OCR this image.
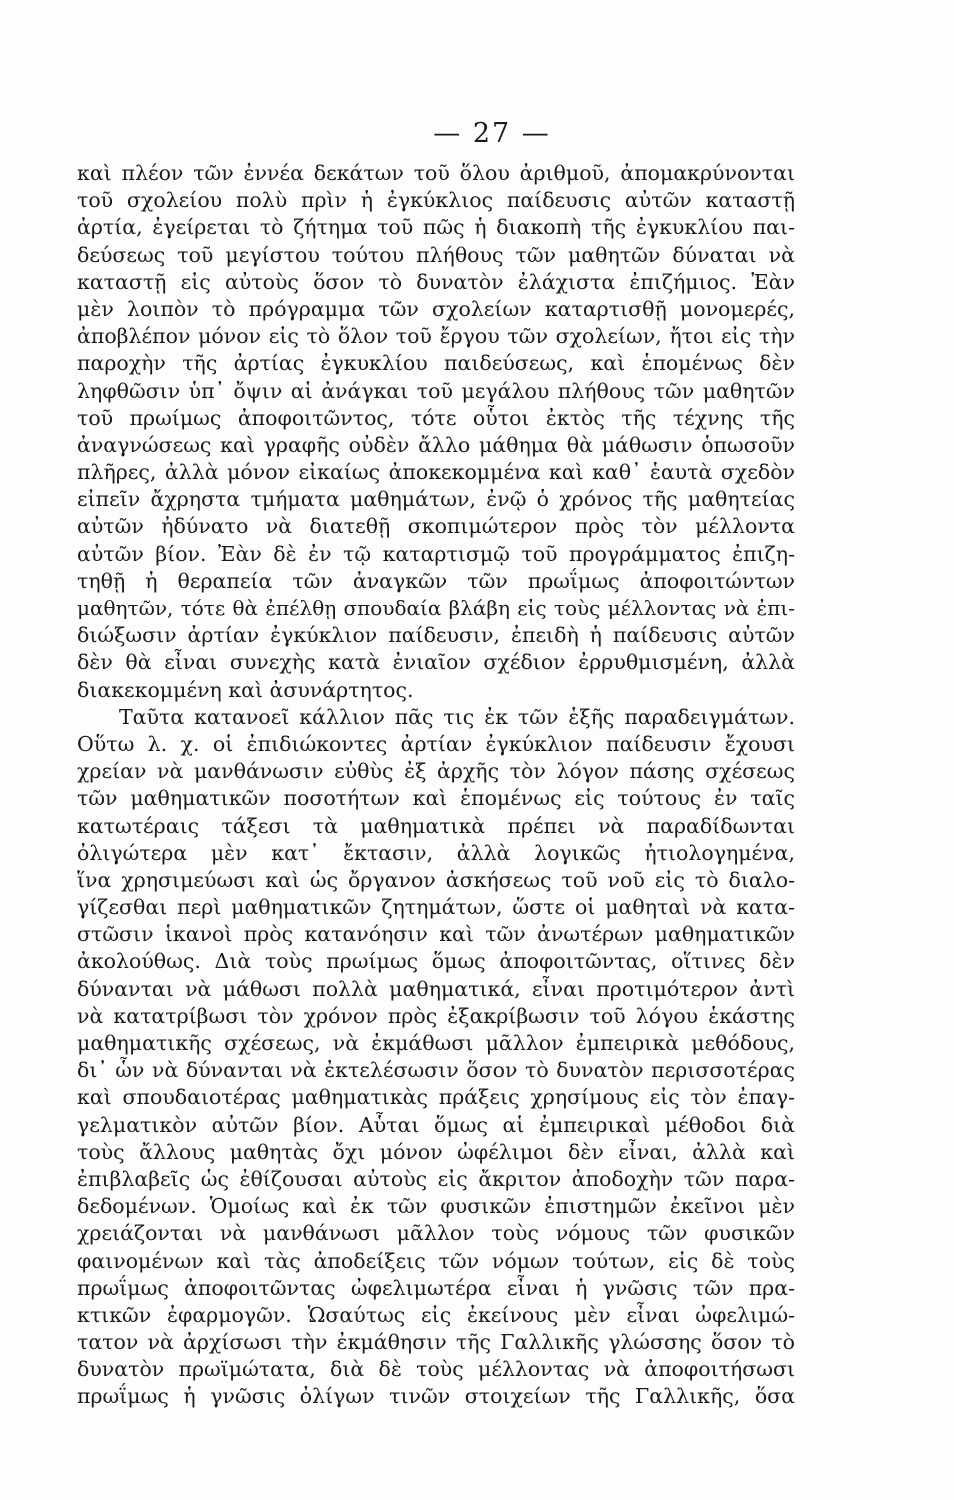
— 27 —
καὶ πλέον τῶν ἐννέα δεκάτων τοῦ ὅλου ἀριθμοῦ, ἀπομακρύνονται
τοῦ σχολείου πολὺ πρὶν ἡ ἐγκύκλιος παίδευσις αὐτῶν καταστῇ
ἀρτία, ἐγείρεται τὸ ζήτημα τοῦ πῶς ἡ διακοπὴ τῆς ἐγκυκλίου παι-
δεύσεως τοῦ μεγίστου τούτου πλήθους τῶν μαθητῶν δύναται νὰ
καταστῇ εἰς αὐτοὺς ὅσον τὸ δυνατὸν ἐλάχιστα ἐπιζήμιος. Ἐὰν
μὲν λοιπὸν τὸ πρόγραμμα τῶν σχολείων καταρτισθῇ μονομερές,
ἀποβλέπον μόνον εἰς τὸ ὅλον τοῦ ἔργου τῶν σχολείων, ἤτοι εἰς τὴν
παροχὴν τῆς ἀρτίας ἐγκυκλίου παιδεύσεως, καὶ ἑπομένως δὲν
ληφθῶσιν ὑπ᾽ ὄψιν αἱ ἀνάγκαι τοῦ μεγάλου πλήθους τῶν μαθητῶν
τοῦ πρωίμως ἀποφοιτῶντος, τότε οὗτοι ἐκτὸς τῆς τέχνης τῆς
ἀναγνώσεως καὶ γραφῆς οὐδὲν ἄλλο μάθημα θὰ μάθωσιν ὁπωσοῦν
πλῆρες, ἀλλὰ μόνον εἰκαίως ἀποκεκομμένα καὶ καθ᾽ ἑαυτὰ σχεδὸν
εἰπεῖν ἄχρηστα τμήματα μαθημάτων, ἐνῷ ὁ χρόνος τῆς μαθητείας
αὐτῶν ἠδύνατο νὰ διατεθῇ σκοπιμώτερον πρὸς τὸν μέλλοντα
αὐτῶν βίον. Ἐὰν δὲ ἐν τῷ καταρτισμῷ τοῦ προγράμματος ἐπιζη-
τηθῇ ἡ θεραπεία τῶν ἀναγκῶν τῶν πρωΐμως ἀποφοιτώντων
μαθητῶν, τότε θὰ ἐπέλθῃ σπουδαία βλάβη εἰς τοὺς μέλλοντας νὰ ἐπι-
διώξωσιν ἀρτίαν ἐγκύκλιον παίδευσιν, ἐπειδὴ ἡ παίδευσις αὐτῶν
δὲν θὰ εἶναι συνεχὴς κατὰ ἐνιαῖον σχέδιον ἐρρυθμισμένη, ἀλλὰ
διακεκομμένη καὶ ἀσυνάρτητος.
Ταῦτα κατανοεῖ κάλλιον πᾶς τις ἐκ τῶν ἑξῆς παραδειγμάτων.
Οὕτω λ. χ. οἱ ἐπιδιώκοντες ἀρτίαν ἐγκύκλιον παίδευσιν ἔχουσι
χρείαν νὰ μανθάνωσιν εὐθὺς ἐξ ἀρχῆς τὸν λόγον πάσης σχέσεως
τῶν μαθηματικῶν ποσοτήτων καὶ ἑπομένως εἰς τούτους ἐν ταῖς
κατωτέραις τάξεσι τὰ μαθηματικὰ πρέπει νὰ παραδίδωνται
ὀλιγώτερα μὲν κατ᾽ ἔκτασιν, ἀλλὰ λογικῶς ἠτιολογημένα,
ἵνα χρησιμεύωσι καὶ ὡς ὄργανον ἀσκήσεως τοῦ νοῦ εἰς τὸ διαλο-
γίζεσθαι περὶ μαθηματικῶν ζητημάτων, ὥστε οἱ μαθηταὶ νὰ κατα-
στῶσιν ἱκανοὶ πρὸς κατανόησιν καὶ τῶν ἀνωτέρων μαθηματικῶν
ἀκολούθως. Διὰ τοὺς πρωίμως ὅμως ἀποφοιτῶντας, οἵτινες δὲν
δύνανται νὰ μάθωσι πολλὰ μαθηματικά, εἶναι προτιμότερον ἀντὶ
νὰ κατατρίβωσι τὸν χρόνον πρὸς ἐξακρίβωσιν τοῦ λόγου ἑκάστης
μαθηματικῆς σχέσεως, νὰ ἐκμάθωσι μᾶλλον ἐμπειρικὰ μεθόδους,
δι᾽ ὧν νὰ δύνανται νὰ ἐκτελέσωσιν ὅσον τὸ δυνατὸν περισσοτέρας
καὶ σπουδαιοτέρας μαθηματικὰς πράξεις χρησίμους εἰς τὸν ἐπαγ-
γελματικὸν αὐτῶν βίον. Αὗται ὅμως αἱ ἐμπειρικαὶ μέθοδοι διὰ
τοὺς ἄλλους μαθητὰς ὄχι μόνον ὠφέλιμοι δὲν εἶναι, ἀλλὰ καὶ
ἐπιβλαβεῖς ὡς ἐθίζουσαι αὐτοὺς εἰς ἄκριτον ἀποδοχὴν τῶν παρα-
δεδομένων. Ὁμοίως καὶ ἐκ τῶν φυσικῶν ἐπιστημῶν ἐκεῖνοι μὲν
χρειάζονται νὰ μανθάνωσι μᾶλλον τοὺς νόμους τῶν φυσικῶν
φαινομένων καὶ τὰς ἀποδείξεις τῶν νόμων τούτων, εἰς δὲ τοὺς
πρωΐμως ἀποφοιτῶντας ὠφελιμωτέρα εἶναι ἡ γνῶσις τῶν πρα-
κτικῶν ἐφαρμογῶν. Ὡσαύτως εἰς ἐκείνους μὲν εἶναι ὠφελιμώ-
τατον νὰ ἀρχίσωσι τὴν ἐκμάθησιν τῆς Γαλλικῆς γλώσσης ὅσον τὸ
δυνατὸν πρωϊμώτατα, διὰ δὲ τοὺς μέλλοντας νὰ ἀποφοιτήσωσι
πρωΐμως ἡ γνῶσις ὀλίγων τινῶν στοιχείων τῆς Γαλλικῆς, ὅσα
